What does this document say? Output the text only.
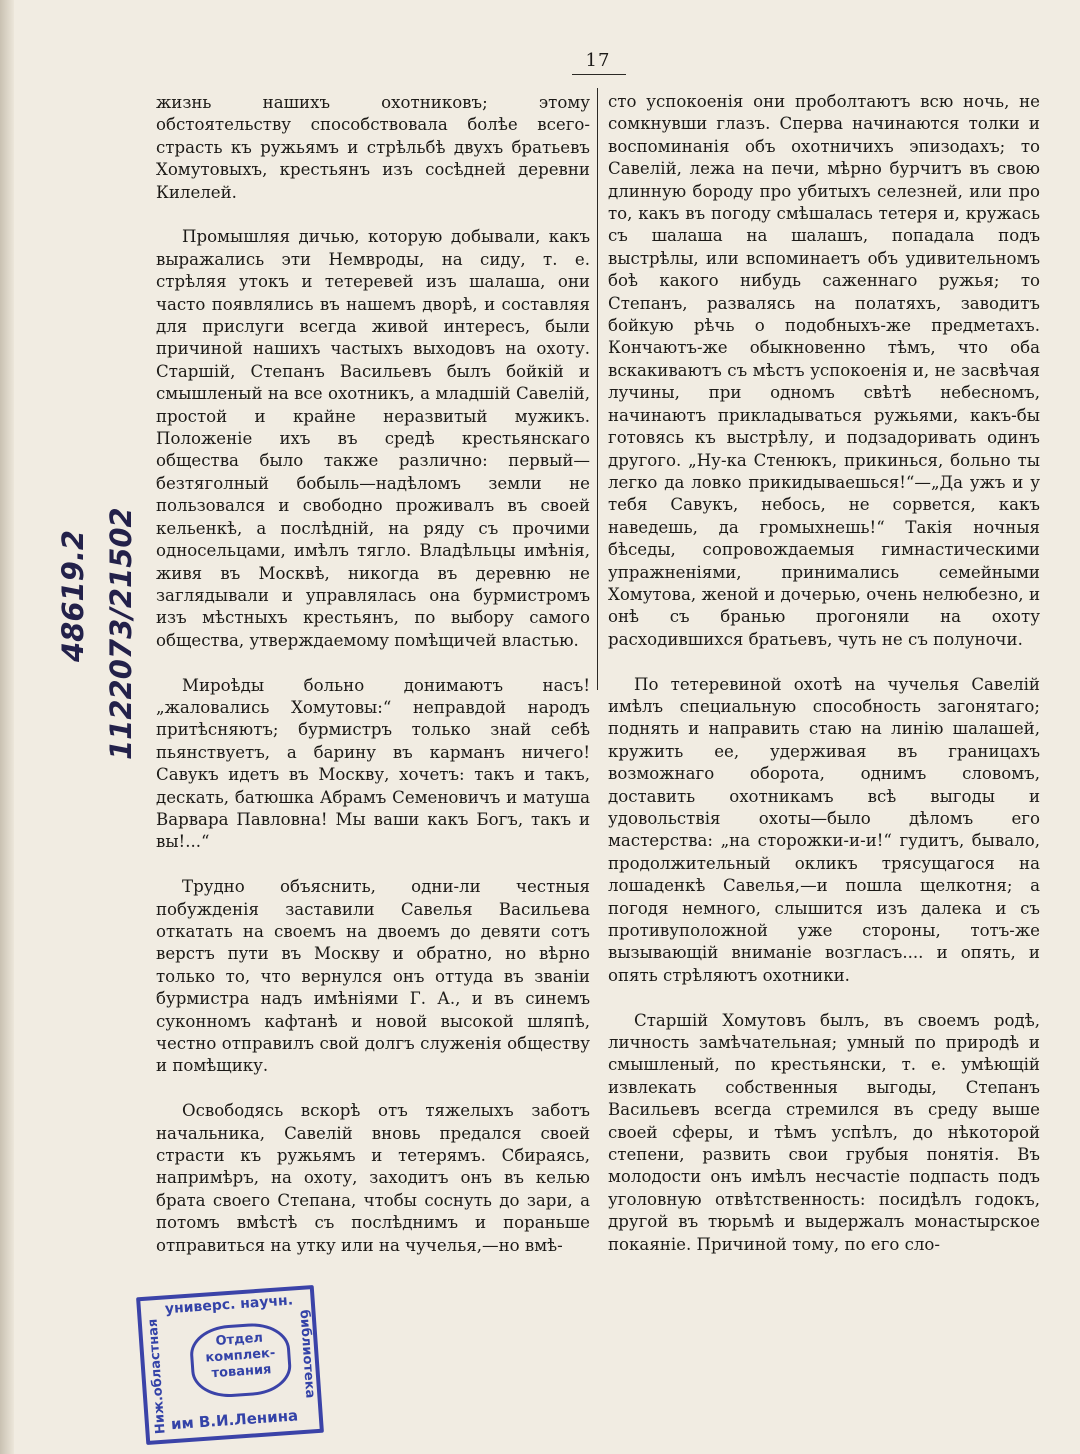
17

жизнь нашихъ охотниковъ; этому обстоятельству способствовала болѣе всего-страсть къ ружьямъ и стрѣльбѣ двухъ братьевъ Хомутовыхъ, крестьянъ изъ сосѣдней деревни Килелей.

Промышляя дичью, которую добывали, какъ выражались эти Немвроды, на сиду, т. е. стрѣляя утокъ и тетеревей изъ шалаша, они часто появлялись въ нашемъ дворѣ, и составляя для прислуги всегда живой интересъ, были причиной нашихъ частыхъ выходовъ на охоту. Старшій, Степанъ Васильевъ былъ бойкій и смышленый на все охотникъ, а младшій Савелій, простой и крайне неразвитый мужикъ. Положеніе ихъ въ средѣ крестьянскаго общества было также различно: первый—безтяголный бобыль—надѣломъ земли не пользовался и свободно проживалъ въ своей кельенкѣ, а послѣдній, на ряду съ прочими односельцами, имѣлъ тягло. Владѣльцы имѣнія, живя въ Москвѣ, никогда въ деревню не заглядывали и управлялась она бурмистромъ изъ мѣстныхъ крестьянъ, по выбору самого общества, утверждаемому помѣщичей властью.

Мироѣды больно донимаютъ насъ! „жаловались Хомутовы:“ неправдой народъ притѣсняютъ; бурмистръ только знай себѣ пьянствуетъ, а барину въ карманъ ничего! Савукъ идетъ въ Москву, хочетъ: такъ и такъ, дескать, батюшка Абрамъ Семеновичъ и матуша Варвара Павловна! Мы ваши какъ Богъ, такъ и вы!...“

Трудно объяснить, одни-ли честныя побужденія заставили Савелья Васильева откатать на своемъ на двоемъ до девяти сотъ верстъ пути въ Москву и обратно, но вѣрно только то, что вернулся онъ оттуда въ званіи бурмистра надъ имѣніями Г. А., и въ синемъ суконномъ кафтанѣ и новой высокой шляпѣ, честно отправилъ свой долгъ служенія обществу и помѣщику.

Освободясь вскорѣ отъ тяжелыхъ заботъ начальника, Савелій вновь предался своей страсти къ ружьямъ и тетерямъ. Сбираясь, напримѣръ, на охоту, заходитъ онъ въ келью брата своего Степана, чтобы соснуть до зари, а потомъ вмѣстѣ съ послѣднимъ и пораньше отправиться на утку или на чучелья,—но вмѣ-

сто успокоенія они проболтаютъ всю ночь, не сомкнувши глазъ. Сперва начинаются толки и воспоминанія объ охотничихъ эпизодахъ; то Савелій, лежа на печи, мѣрно бурчитъ въ свою длинную бороду про убитыхъ селезней, или про то, какъ въ погоду смѣшалась тетеря и, кружась съ шалаша на шалашъ, попадала подъ выстрѣлы, или вспоминаетъ объ удивительномъ боѣ какого нибудь саженнаго ружья; то Степанъ, развалясь на полатяхъ, заводитъ бойкую рѣчь о подобныхъ-же предметахъ. Кончаютъ-же обыкновенно тѣмъ, что оба вскакиваютъ съ мѣстъ успокоенія и, не засвѣчая лучины, при одномъ свѣтѣ небесномъ, начинаютъ прикладываться ружьями, какъ-бы готовясь къ выстрѣлу, и подзадоривать одинъ другого. „Ну-ка Стенюкъ, прикинься, больно ты легко да ловко прикидываешься!“—„Да ужъ и у тебя Савукъ, небось, не сорвется, какъ наведешь, да громыхнешь!“ Такія ночныя бѣседы, сопровождаемыя гимнастическими упражненіями, принимались семейными Хомутова, женой и дочерью, очень нелюбезно, и онѣ съ бранью прогоняли на охоту расходившихся братьевъ, чуть не съ полуночи.

По тетеревиной охотѣ на чучелья Савелій имѣлъ специальную способность загонятаго; поднять и направить стаю на линію шалашей, кружить ее, удерживая въ границахъ возможнаго оборота, однимъ словомъ, доставить охотникамъ всѣ выгоды и удовольствія охоты—было дѣломъ его мастерства: „на сторожки-и-и!“ гудитъ, бывало, продолжительный окликъ трясущагося на лошаденкѣ Савелья,—и пошла щелкотня; а погодя немного, слышится изъ далека и съ противуположной уже стороны, тотъ-же вызывающій вниманіе возгласъ.... и опять, и опять стрѣляютъ охотники.

Старшій Хомутовъ былъ, въ своемъ родѣ, личность замѣчательная; умный по природѣ и смышленый, по крестьянски, т. е. умѣющій извлекать собственныя выгоды, Степанъ Васильевъ всегда стремился въ среду выше своей сферы, и тѣмъ успѣлъ, до нѣкоторой степени, развить свои грубыя понятія. Въ молодости онъ имѣлъ несчастіе подпасть подъ уголовную отвѣтственность: посидѣлъ годокъ, другой въ тюрьмѣ и выдержалъ монастырское покаяніе. Причиной тому, по его сло-

48619.2 1122073/21502
универс. научн.
Ниж.областная	библиотека
Отдел
комплек-
тования
им В.И.Ленина
